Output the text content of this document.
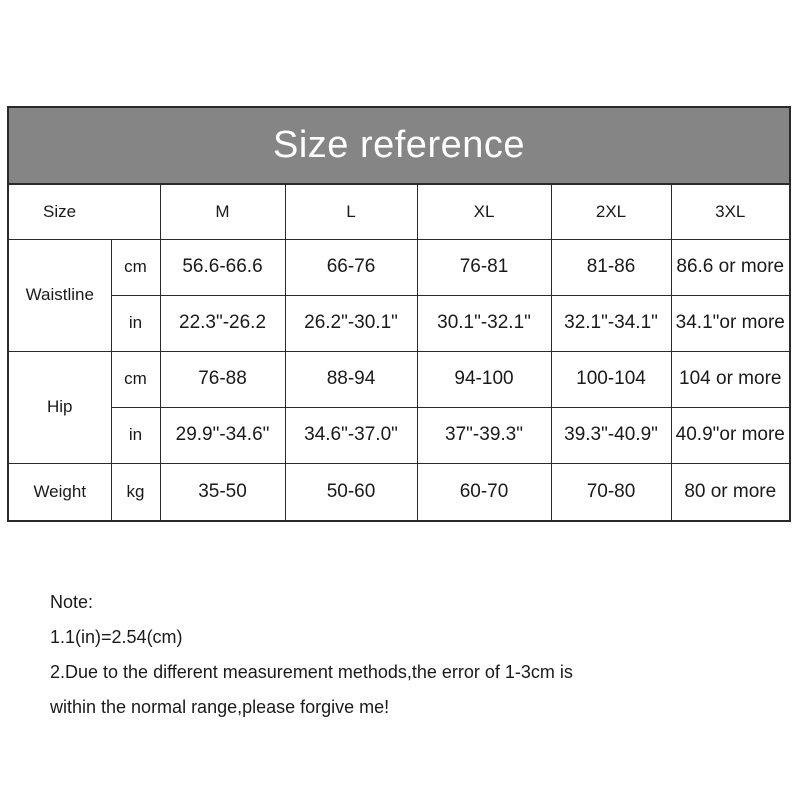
Size reference
Size		M	L	XL	2XL	3XL
Waistline	cm	56.6-66.6	66-76	76-81	81-86	86.6 or more
	in	22.3"-26.2	26.2"-30.1"	30.1"-32.1"	32.1"-34.1"	34.1"or more
Hip	cm	76-88	88-94	94-100	100-104	104 or more
	in	29.9"-34.6"	34.6"-37.0"	37"-39.3"	39.3"-40.9"	40.9"or more
Weight	kg	35-50	50-60	60-70	70-80	80 or more
Note:
1.1(in)=2.54(cm)
2.Due to the different measurement methods,the error of 1-3cm is
within the normal range,please forgive me!
